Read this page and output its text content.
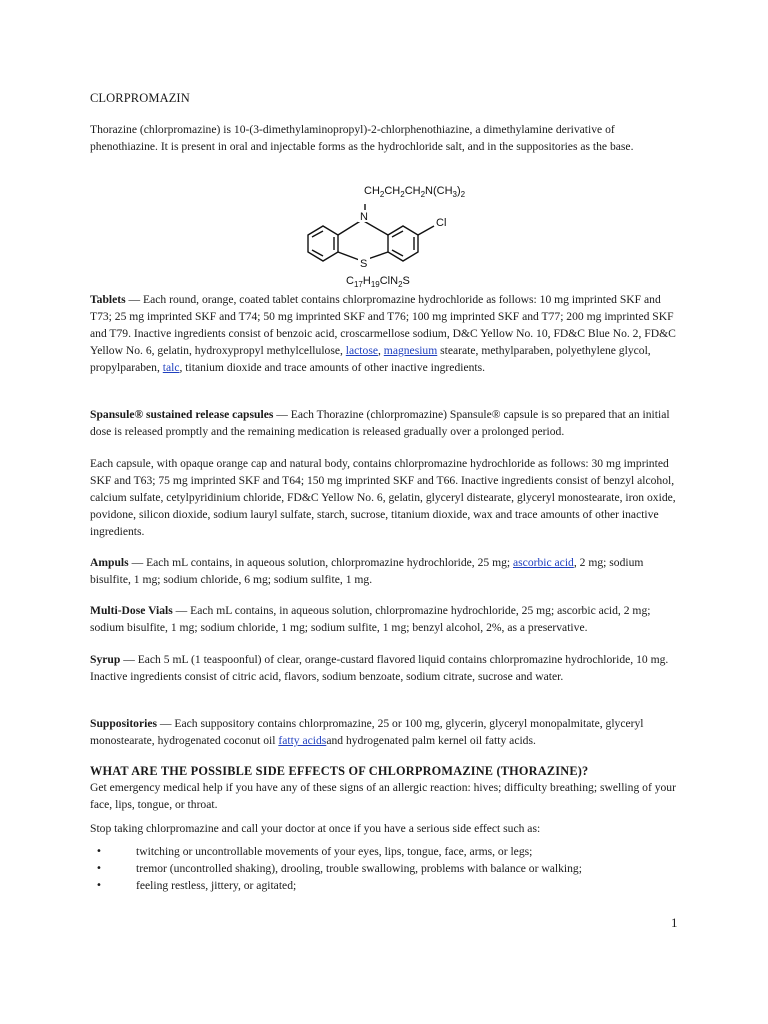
CLORPROMAZIN

Thorazine (chlorpromazine) is 10-(3-dimethylaminopropyl)-2-chlorphenothiazine, a dimethylamine derivative of phenothiazine. It is present in oral and injectable forms as the hydrochloride salt, and in the suppositories as the base.

$CH_2CH_2CH_2N(CH_3)_2$
N
S
Cl
$C_{17}H_{19}ClN_2S$

Tablets — Each round, orange, coated tablet contains chlorpromazine hydrochloride as follows: 10 mg imprinted SKF and T73; 25 mg imprinted SKF and T74; 50 mg imprinted SKF and T76; 100 mg imprinted SKF and T77; 200 mg imprinted SKF and T79. Inactive ingredients consist of benzoic acid, croscarmellose sodium, D&C Yellow No. 10, FD&C Blue No. 2, FD&C Yellow No. 6, gelatin, hydroxypropyl methylcellulose, lactose, magnesium stearate, methylparaben, polyethylene glycol, propylparaben, talc, titanium dioxide and trace amounts of other inactive ingredients.

Spansule® sustained release capsules — Each Thorazine (chlorpromazine) Spansule® capsule is so prepared that an initial dose is released promptly and the remaining medication is released gradually over a prolonged period.

Each capsule, with opaque orange cap and natural body, contains chlorpromazine hydrochloride as follows: 30 mg imprinted SKF and T63; 75 mg imprinted SKF and T64; 150 mg imprinted SKF and T66. Inactive ingredients consist of benzyl alcohol, calcium sulfate, cetylpyridinium chloride, FD&C Yellow No. 6, gelatin, glyceryl distearate, glyceryl monostearate, iron oxide, povidone, silicon dioxide, sodium lauryl sulfate, starch, sucrose, titanium dioxide, wax and trace amounts of other inactive ingredients.

Ampuls — Each mL contains, in aqueous solution, chlorpromazine hydrochloride, 25 mg; ascorbic acid, 2 mg; sodium bisulfite, 1 mg; sodium chloride, 6 mg; sodium sulfite, 1 mg.

Multi-Dose Vials — Each mL contains, in aqueous solution, chlorpromazine hydrochloride, 25 mg; ascorbic acid, 2 mg; sodium bisulfite, 1 mg; sodium chloride, 1 mg; sodium sulfite, 1 mg; benzyl alcohol, 2%, as a preservative.

Syrup — Each 5 mL (1 teaspoonful) of clear, orange-custard flavored liquid contains chlorpromazine hydrochloride, 10 mg. Inactive ingredients consist of citric acid, flavors, sodium benzoate, sodium citrate, sucrose and water.

Suppositories — Each suppository contains chlorpromazine, 25 or 100 mg, glycerin, glyceryl monopalmitate, glyceryl monostearate, hydrogenated coconut oil fatty acidsand hydrogenated palm kernel oil fatty acids.

WHAT ARE THE POSSIBLE SIDE EFFECTS OF CHLORPROMAZINE (THORAZINE)?

Get emergency medical help if you have any of these signs of an allergic reaction: hives; difficulty breathing; swelling of your face, lips, tongue, or throat.

Stop taking chlorpromazine and call your doctor at once if you have a serious side effect such as:

•	twitching or uncontrollable movements of your eyes, lips, tongue, face, arms, or legs;
•	tremor (uncontrolled shaking), drooling, trouble swallowing, problems with balance or walking;
•	feeling restless, jittery, or agitated;
1
